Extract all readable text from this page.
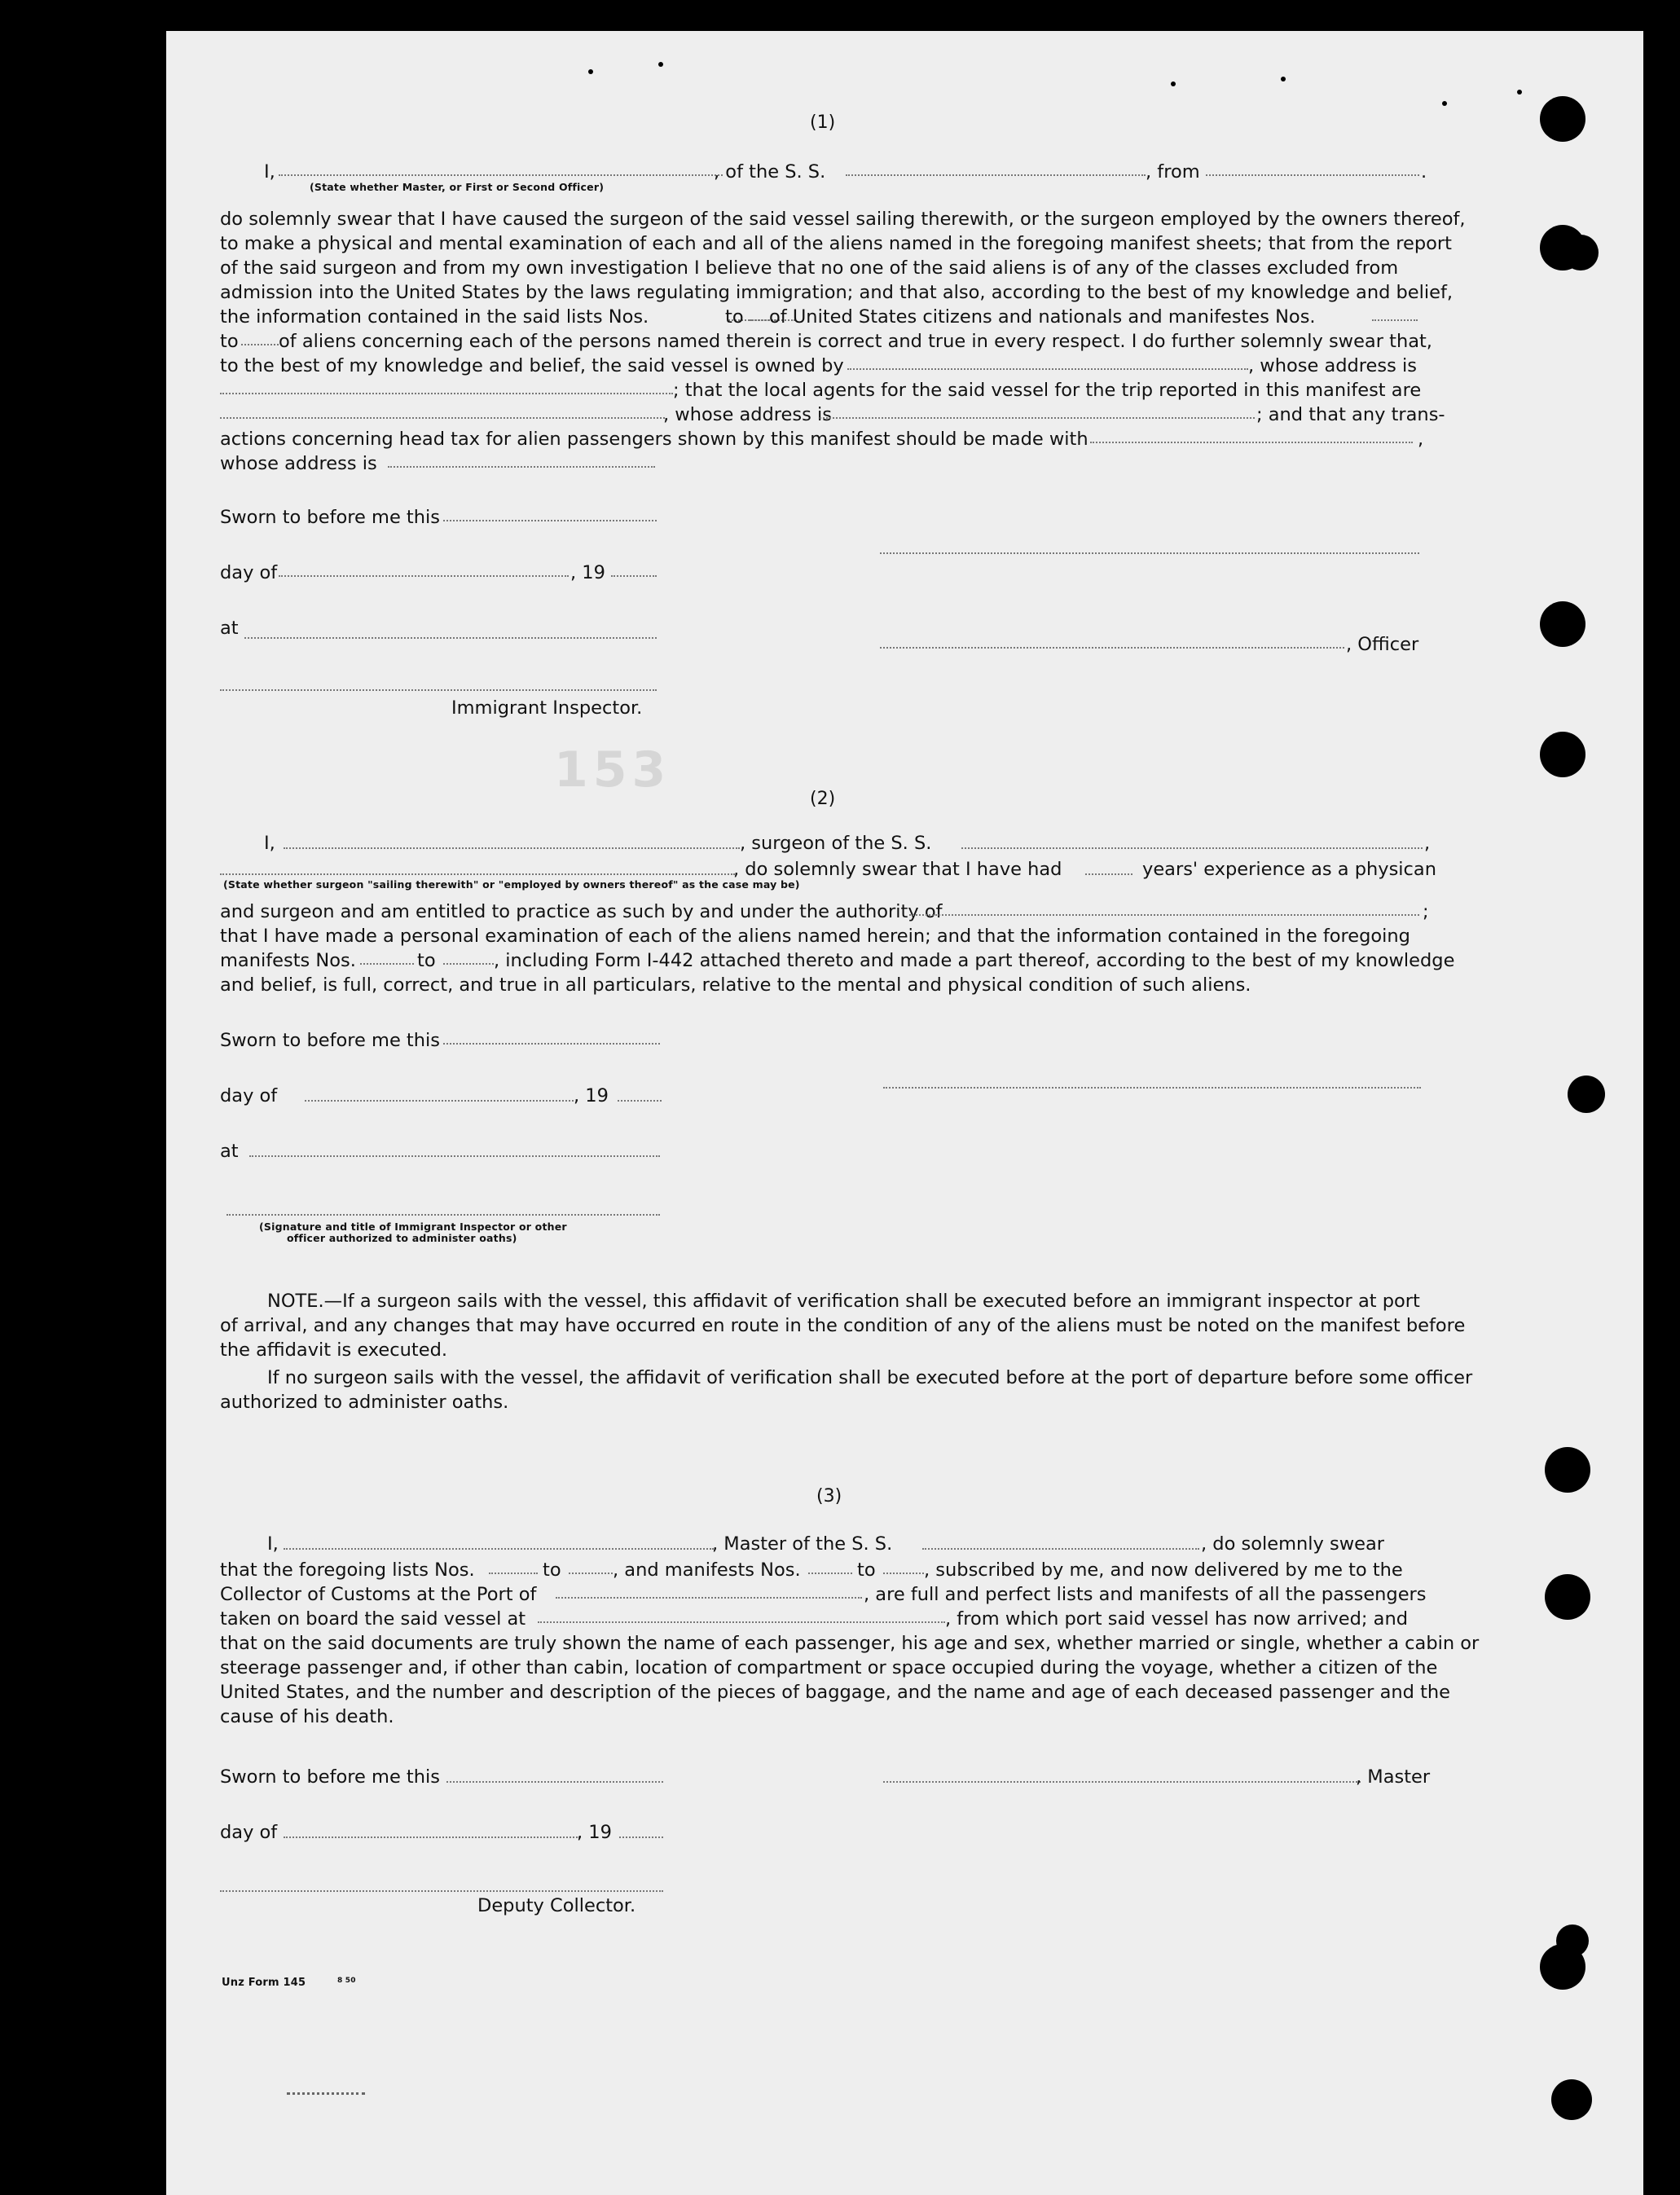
153
(1)
I,	, of the S. S.	, from	.
(State whether Master, or First or Second Officer)
do solemnly swear that I have caused the surgeon of the said vessel sailing therewith, or the surgeon employed by the owners thereof,
to make a physical and mental examination of each and all of the aliens named in the foregoing manifest sheets; that from the report
of the said surgeon and from my own investigation I believe that no one of the said aliens is of any of the classes excluded from
admission into the United States by the laws regulating immigration; and that also, according to the best of my knowledge and belief,
the information contained in the said lists Nos.	to of United States citizens and nationals and manifestes Nos.
to of aliens concerning each of the persons named therein is correct and true in every respect. I do further solemnly swear that,
to the best of my knowledge and belief, the said vessel is owned by	, whose address is
; that the local agents for the said vessel for the trip reported in this manifest are
, whose address is	; and that any trans-
actions concerning head tax for alien passengers shown by this manifest should be made with	,
whose address is
Sworn to before me this
day of	, 19
at
, Officer
Immigrant Inspector.
(2)
I,	, surgeon of the S. S.	,
, do solemnly swear that I have had	years' experience as a physican
(State whether surgeon "sailing therewith" or "employed by owners thereof" as the case may be)
and surgeon and am entitled to practice as such by and under the authority of	;
that I have made a personal examination of each of the aliens named herein; and that the information contained in the foregoing
manifests Nos.	to	, including Form I-442 attached thereto and made a part thereof, according to the best of my knowledge
and belief, is full, correct, and true in all particulars, relative to the mental and physical condition of such aliens.
Sworn to before me this
day of	, 19
at
(Signature and title of Immigrant Inspector or other
officer authorized to administer oaths)
NOTE.—If a surgeon sails with the vessel, this affidavit of verification shall be executed before an immigrant inspector at port
of arrival, and any changes that may have occurred en route in the condition of any of the aliens must be noted on the manifest before
the affidavit is executed.
If no surgeon sails with the vessel, the affidavit of verification shall be executed before at the port of departure before some officer
authorized to administer oaths.
(3)
I,	, Master of the S. S.	, do solemnly swear
that the foregoing lists Nos.	to	, and manifests Nos.	to	, subscribed by me, and now delivered by me to the
Collector of Customs at the Port of	, are full and perfect lists and manifests of all the passengers
taken on board the said vessel at	, from which port said vessel has now arrived; and
that on the said documents are truly shown the name of each passenger, his age and sex, whether married or single, whether a cabin or
steerage passenger and, if other than cabin, location of compartment or space occupied during the voyage, whether a citizen of the
United States, and the number and description of the pieces of baggage, and the name and age of each deceased passenger and the
cause of his death.
Sworn to before me this	, Master
day of	, 19
Deputy Collector.
Unz Form 145	8 50
